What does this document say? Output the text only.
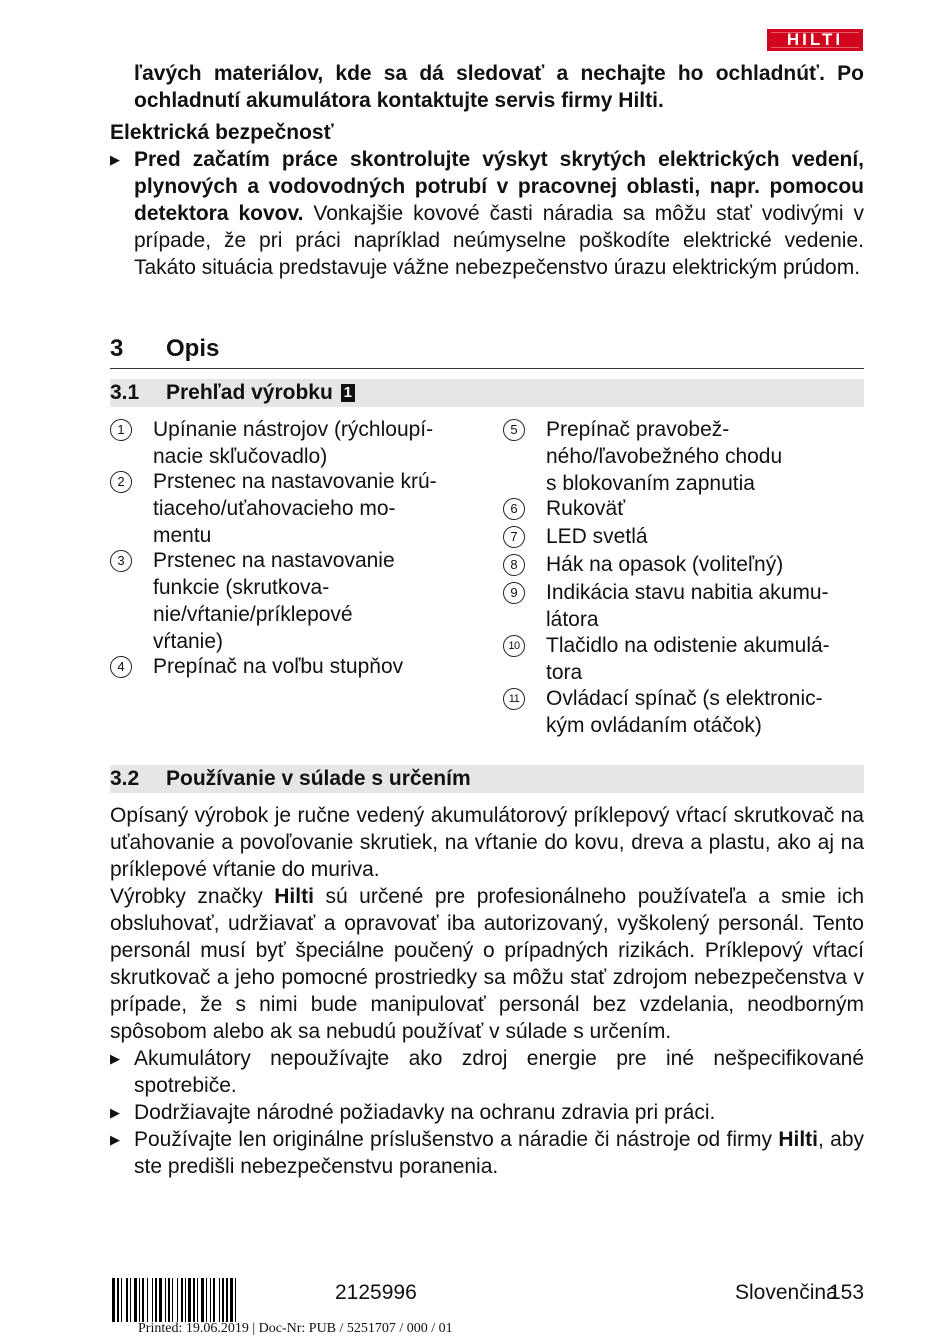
HILTI
ľavých materiálov, kde sa dá sledovať a nechajte ho ochladnúť. Po
ochladnutí akumulátora kontaktujte servis firmy Hilti.
Elektrická bezpečnosť
▶ Pred začatím práce skontrolujte výskyt skrytých elektrických vedení, plynových a vodovodných potrubí v pracovnej oblasti, napr. pomocou detektora kovov. Vonkajšie kovové časti náradia sa môžu stať vodivými v prípade, že pri práci napríklad neúmyselne poškodíte elektrické vedenie. Takáto situácia predstavuje vážne nebezpečenstvo úrazu elektrickým prúdom.
3 Opis
3.1 Prehľad výrobku 1
1	Upínanie nástrojov (rýchloupí-
nacie skľučovadlo)
2	Prstenec na nastavovanie krú-
tiaceho/uťahovacieho mo-
mentu
3	Prstenec na nastavovanie
funkcie (skrutkova-
nie/vŕtanie/príklepové
vŕtanie)
4	Prepínač na voľbu stupňov
5	Prepínač pravobež-
ného/ľavobežného chodu
s blokovaním zapnutia
6	Rukoväť
7	LED svetlá
8	Hák na opasok (voliteľný)
9	Indikácia stavu nabitia akumu-
látora
10 Tlačidlo na odistenie akumulá-
tora
11 Ovládací spínač (s elektronic-
kým ovládaním otáčok)
3.2 Používanie v súlade s určením
Opísaný výrobok je ručne vedený akumulátorový príklepový vŕtací skrutkovač na uťahovanie a povoľovanie skrutiek, na vŕtanie do kovu, dreva a plastu, ako aj na príklepové vŕtanie do muriva.
Výrobky značky Hilti sú určené pre profesionálneho používateľa a smie ich obsluhovať, udržiavať a opravovať iba autorizovaný, vyškolený personál. Tento personál musí byť špeciálne poučený o prípadných rizikách. Príklepový vŕtací skrutkovač a jeho pomocné prostriedky sa môžu stať zdrojom nebezpečenstva v prípade, že s nimi bude manipulovať personál bez vzdelania, neodborným spôsobom alebo ak sa nebudú používať v súlade s určením.
▶ Akumulátory nepoužívajte ako zdroj energie pre iné nešpecifikované spotrebiče.
▶ Dodržiavajte národné požiadavky na ochranu zdravia pri práci.
▶ Používajte len originálne príslušenstvo a náradie či nástroje od firmy Hilti, aby ste predišli nebezpečenstvu poranenia.
2125996	Slovenčina
153
Printed: 19.06.2019 | Doc-Nr: PUB / 5251707 / 000 / 01
